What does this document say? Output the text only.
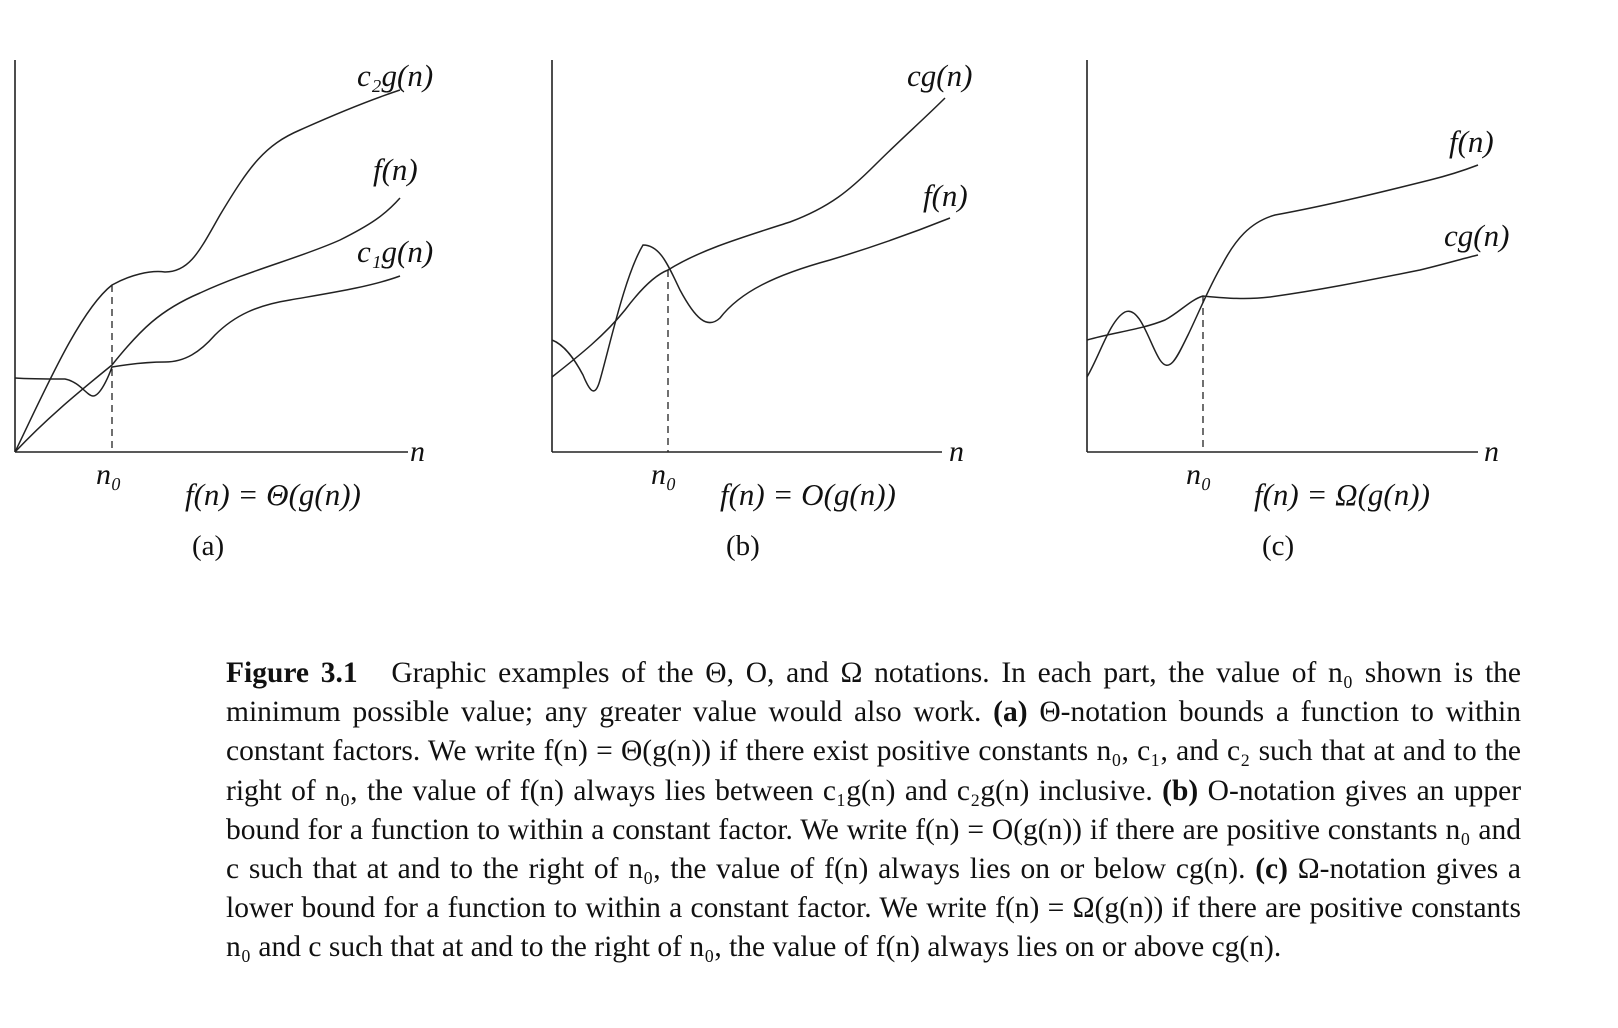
c₂g(n)
f(n)
c₁g(n)
n
n₀
f(n) = Θ(g(n))
(a)
cg(n)
f(n)
n
n₀
f(n) = O(g(n))
(b)
f(n)
cg(n)
n
n₀
f(n) = Ω(g(n))
(c)
Figure 3.1 Graphic examples of the Θ, O, and Ω notations. In each part, the value of n₀ shown is the minimum possible value; any greater value would also work. (a) Θ-notation bounds a function to within constant factors. We write f(n) = Θ(g(n)) if there exist positive constants n₀, c₁, and c₂ such that at and to the right of n₀, the value of f(n) always lies between c₁g(n) and c₂g(n) inclusive. (b) O-notation gives an upper bound for a function to within a constant factor. We write f(n) = O(g(n)) if there are positive constants n₀ and c such that at and to the right of n₀, the value of f(n) always lies on or below cg(n). (c) Ω-notation gives a lower bound for a function to within a constant factor. We write f(n) = Ω(g(n)) if there are positive constants n₀ and c such that at and to the right of n₀, the value of f(n) always lies on or above cg(n).
